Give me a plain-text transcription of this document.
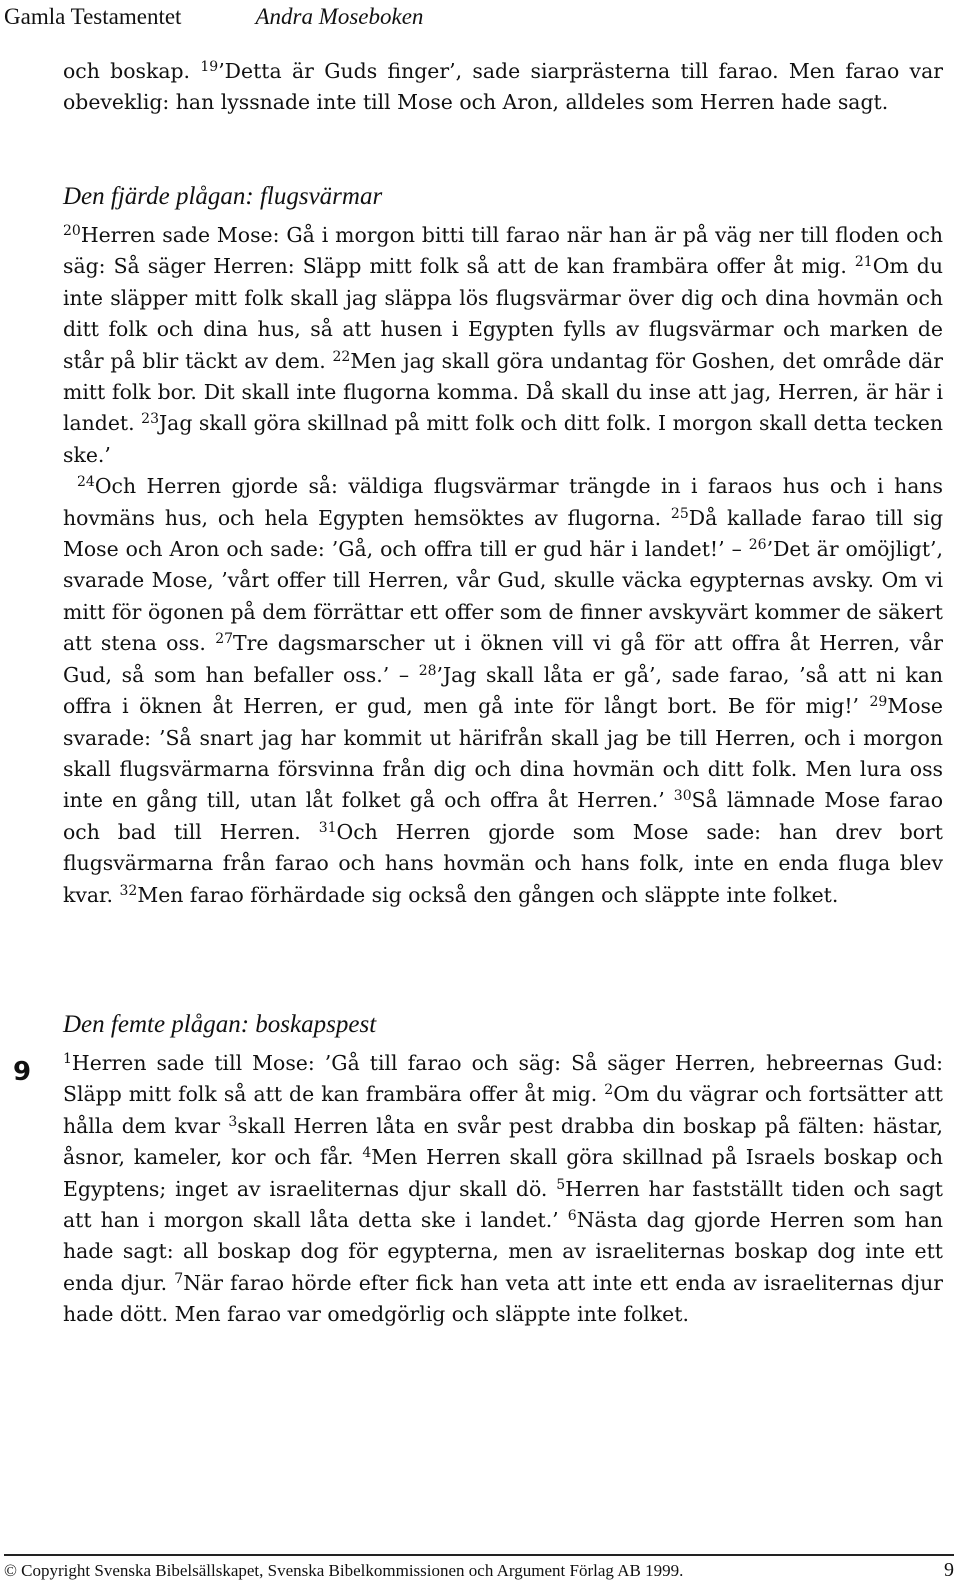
Gamla Testamentet	Andra Moseboken

och boskap. $^{19}$’Detta är Guds finger’, sade siarprästerna till farao. Men farao var obeveklig: han lyssnade inte till Mose och Aron, alldeles som Herren hade sagt.

Den fjärde plågan: flugsvärmar

$^{20}$Herren sade Mose: Gå i morgon bitti till farao när han är på väg ner till floden och säg: Så säger Herren: Släpp mitt folk så att de kan frambära offer åt mig. $^{21}$Om du inte släpper mitt folk skall jag släppa lös flugsvärmar över dig och dina hovmän och ditt folk och dina hus, så att husen i Egypten fylls av flugsvärmar och marken de står på blir täckt av dem. $^{22}$Men jag skall göra undantag för Goshen, det område där mitt folk bor. Dit skall inte flugorna komma. Då skall du inse att jag, Herren, är här i landet. $^{23}$Jag skall göra skillnad på mitt folk och ditt folk. I morgon skall detta tecken ske.’

$^{24}$Och Herren gjorde så: väldiga flugsvärmar trängde in i faraos hus och i hans hovmäns hus, och hela Egypten hemsöktes av flugorna. $^{25}$Då kallade farao till sig Mose och Aron och sade: ’Gå, och offra till er gud här i landet!’ – $^{26}$’Det är omöjligt’, svarade Mose, ’vårt offer till Herren, vår Gud, skulle väcka egypternas avsky. Om vi mitt för ögonen på dem förrättar ett offer som de finner avskyvärt kommer de säkert att stena oss. $^{27}$Tre dagsmarscher ut i öknen vill vi gå för att offra åt Herren, vår Gud, så som han befaller oss.’ – $^{28}$’Jag skall låta er gå’, sade farao, ’så att ni kan offra i öknen åt Herren, er gud, men gå inte för långt bort. Be för mig!’ $^{29}$Mose svarade: ’Så snart jag har kommit ut härifrån skall jag be till Herren, och i morgon skall flugsvärmarna försvinna från dig och dina hovmän och ditt folk. Men lura oss inte en gång till, utan låt folket gå och offra åt Herren.’ $^{30}$Så lämnade Mose farao och bad till Herren. $^{31}$Och Herren gjorde som Mose sade: han drev bort flugsvärmarna från farao och hans hovmän och hans folk, inte en enda fluga blev kvar. $^{32}$Men farao förhärdade sig också den gången och släppte inte folket.

9

Den femte plågan: boskapspest

$^1$Herren sade till Mose: ’Gå till farao och säg: Så säger Herren, hebreernas Gud: Släpp mitt folk så att de kan frambära offer åt mig. $^2$Om du vägrar och fortsätter att hålla dem kvar $^3$skall Herren låta en svår pest drabba din boskap på fälten: hästar, åsnor, kameler, kor och får. $^4$Men Herren skall göra skillnad på Israels boskap och Egyptens; inget av israeliternas djur skall dö. $^5$Herren har fastställt tiden och sagt att han i morgon skall låta detta ske i landet.’ $^6$Nästa dag gjorde Herren som han hade sagt: all boskap dog för egypterna, men av israeliternas boskap dog inte ett enda djur. $^7$När farao hörde efter fick han veta att inte ett enda av israeliternas djur hade dött. Men farao var omedgörlig och släppte inte folket.

© Copyright Svenska Bibelsällskapet, Svenska Bibelkommissionen och Argument Förlag AB 1999.	9
